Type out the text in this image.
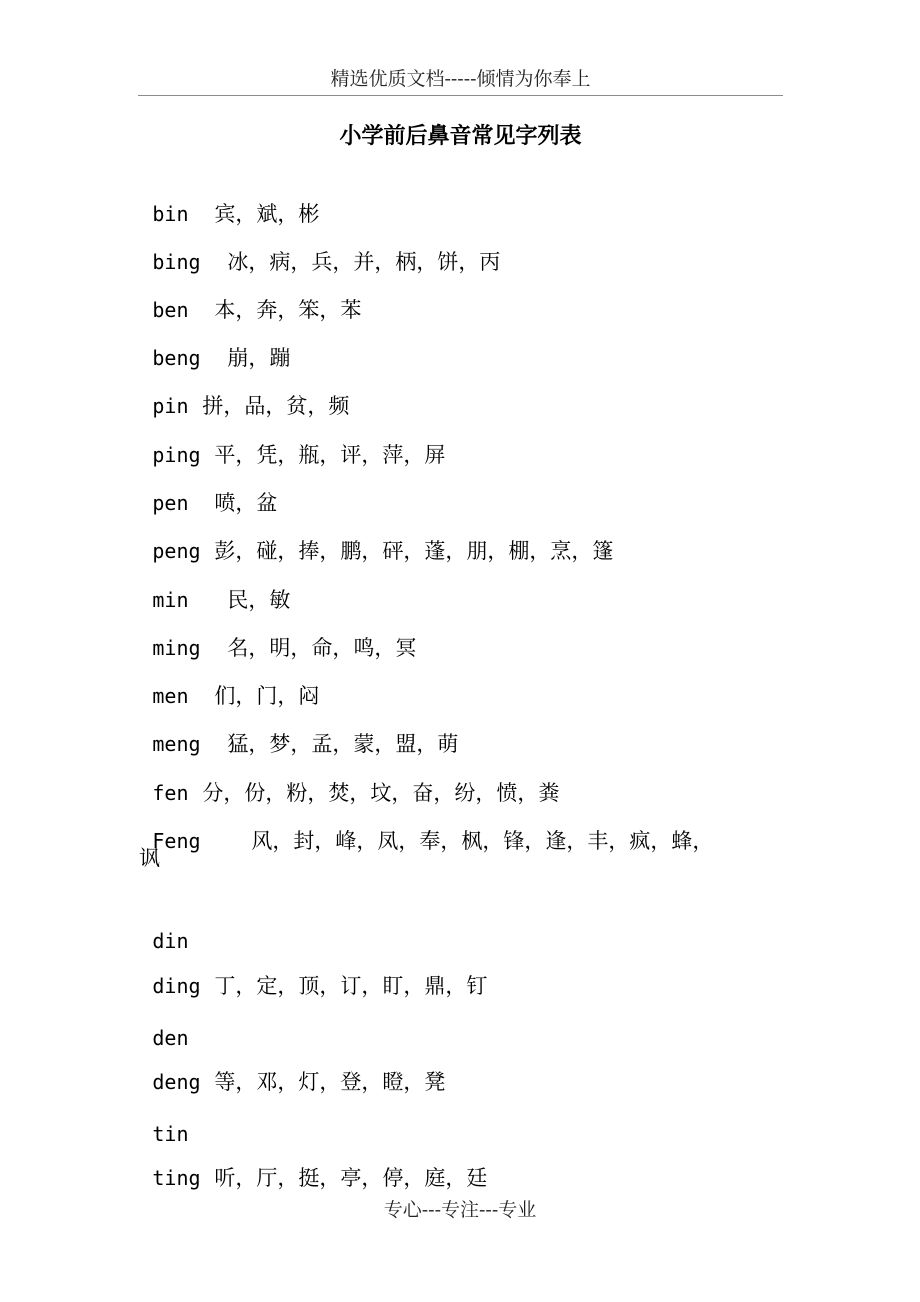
精选优质文档-----倾情为你奉上
小学前后鼻音常见字列表

bin 宾，斌，彬

bing 冰，病，兵，并，柄，饼，丙

ben 本，奔，笨，苯

beng 崩，蹦

pin 拼，品，贫，频

ping 平，凭，瓶，评，萍，屏

pen 喷，盆

peng 彭，碰，捧，鹏，砰，蓬，朋，棚，烹，篷

min 民，敏

ming 名，明，命，鸣，冥

men 们，门，闷

meng 猛，梦，孟，蒙，盟，萌

fen 分，份，粉，焚，坟，奋，纷，愤，粪

Feng 风，封，峰，凤，奉，枫，锋，逢，丰，疯，蜂，

讽

din

ding 丁，定，顶，订，盯，鼎，钉

den

deng 等，邓，灯，登，瞪，凳

tin

ting 听，厅，挺，亭，停，庭，廷

专心---专注---专业
